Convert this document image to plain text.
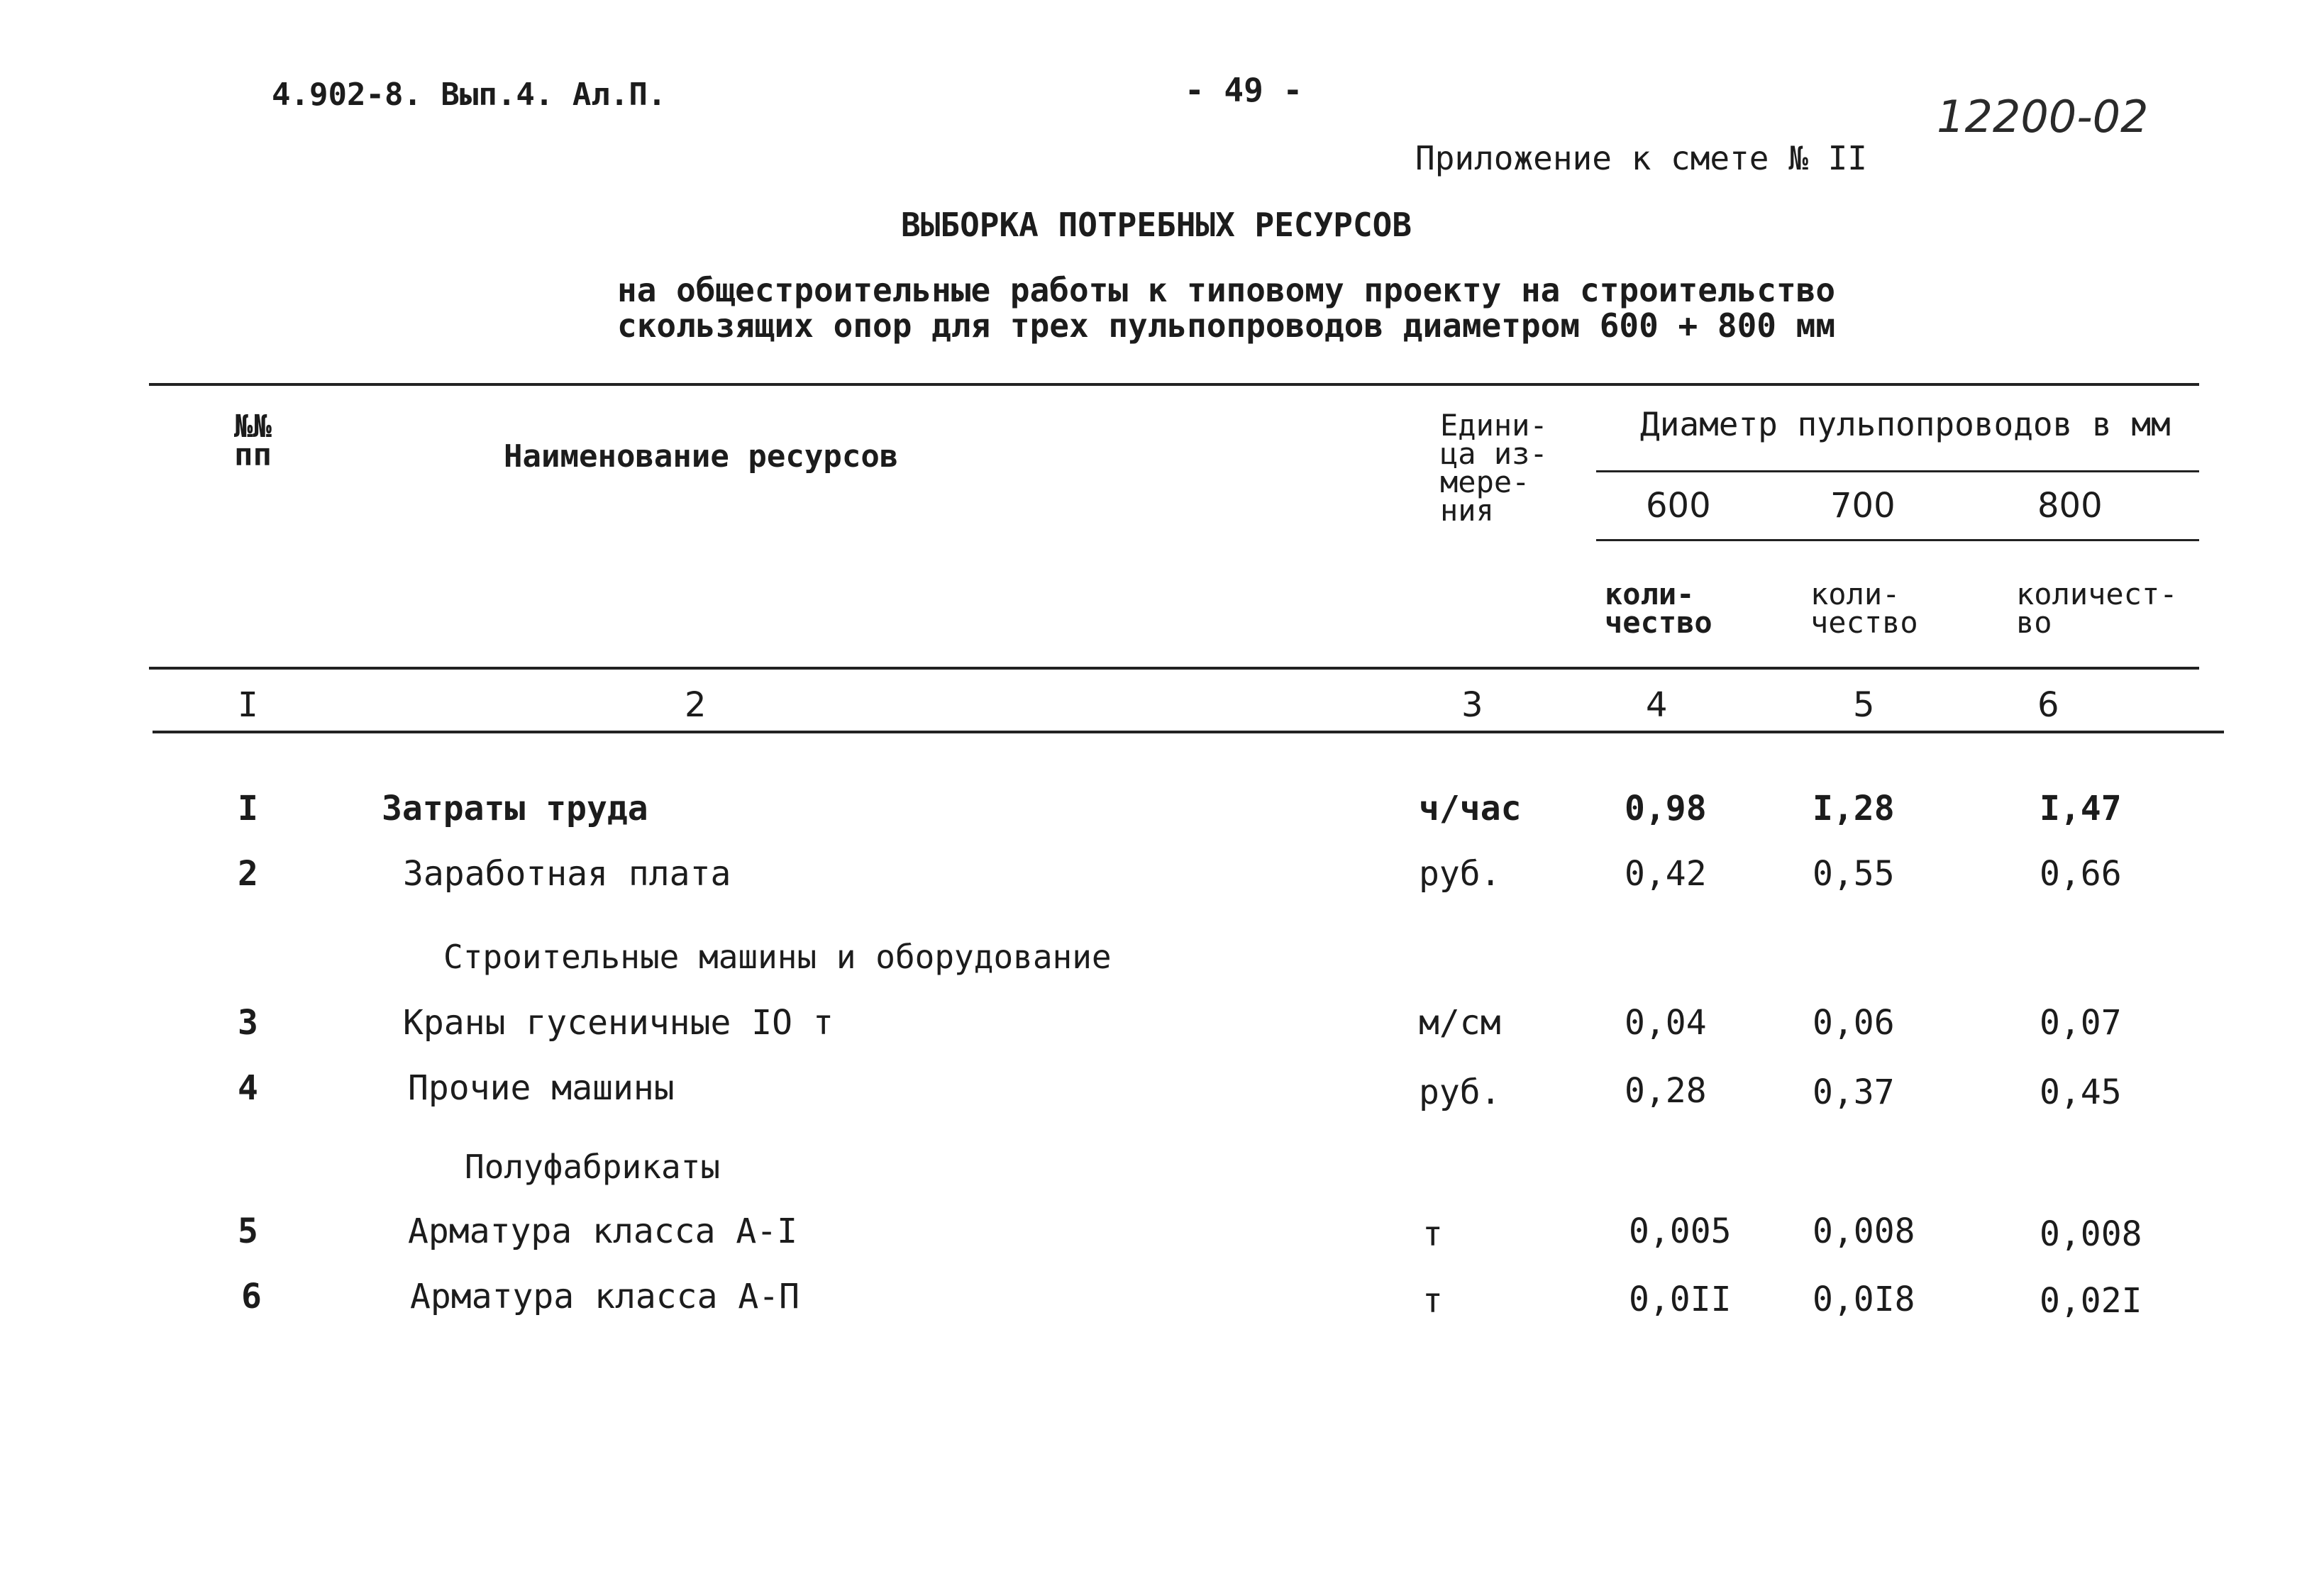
4.902-8. Вып.4. Ал.П.	- 49 -
12200-02
Приложение к смете № II
ВЫБОРКА ПОТРЕБНЫХ РЕСУРСОВ
на общестроительные работы к типовому проекту на строительство
скользящих опор для трех пульпопроводов диаметром 600 + 800 мм
№№ пп	Наименование ресурсов
Едини- ца из- мере- ния
Диаметр пульпопроводов в мм
600	700	800
коли- чество
коли- чество
количест- во
I	2	3	4	5	6
I	Затраты труда	ч/час	0,98	I,28	I,47
2	Заработная плата	руб.	0,42	0,55	0,66
Строительные машины и оборудование
3	Краны гусеничные IO т	м/см	0,04	0,06	0,07
4	Прочие машины	руб.	0,28	0,37	0,45
Полуфабрикаты
5	Арматура класса А-I	т	0,005 0,008	0,008
6	Арматура класса А-П	т	0,0II 0,0I8	0,02I
